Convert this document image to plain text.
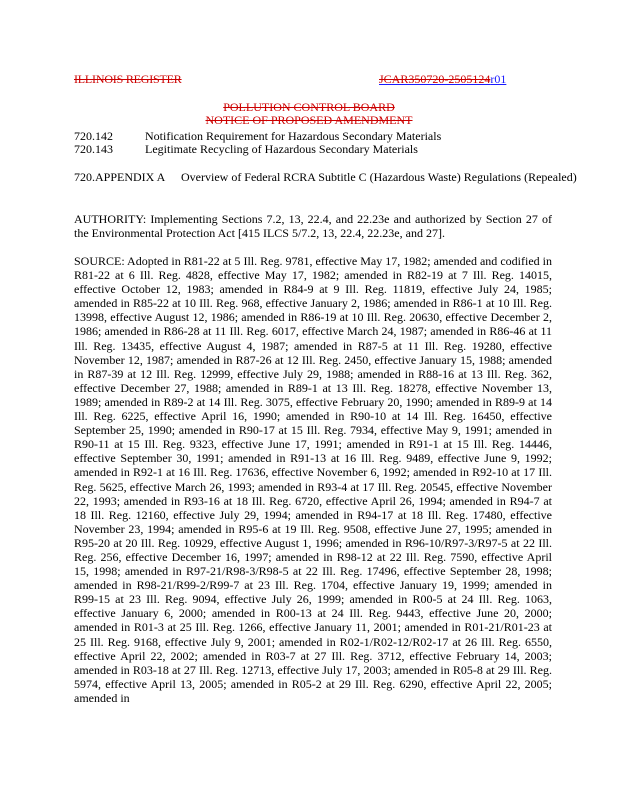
ILLINOIS REGISTER	JCAR350720-2505124r01
POLLUTION CONTROL BOARD
NOTICE OF PROPOSED AMENDMENT
720.142	Notification Requirement for Hazardous Secondary Materials
720.143	Legitimate Recycling of Hazardous Secondary Materials
720.APPENDIX A Overview of Federal RCRA Subtitle C (Hazardous Waste) Regulations (Repealed)
AUTHORITY: Implementing Sections 7.2, 13, 22.4, and 22.23e and authorized by Section 27 of the Environmental Protection Act [415 ILCS 5/7.2, 13, 22.4, 22.23e, and 27].
SOURCE: Adopted in R81-22 at 5 Ill. Reg. 9781, effective May 17, 1982; amended and codified in R81-22 at 6 Ill. Reg. 4828, effective May 17, 1982; amended in R82-19 at 7 Ill. Reg. 14015, effective October 12, 1983; amended in R84-9 at 9 Ill. Reg. 11819, effective July 24, 1985; amended in R85-22 at 10 Ill. Reg. 968, effective January 2, 1986; amended in R86-1 at 10 Ill. Reg. 13998, effective August 12, 1986; amended in R86-19 at 10 Ill. Reg. 20630, effective December 2, 1986; amended in R86-28 at 11 Ill. Reg. 6017, effective March 24, 1987; amended in R86-46 at 11 Ill. Reg. 13435, effective August 4, 1987; amended in R87-5 at 11 Ill. Reg. 19280, effective November 12, 1987; amended in R87-26 at 12 Ill. Reg. 2450, effective January 15, 1988; amended in R87-39 at 12 Ill. Reg. 12999, effective July 29, 1988; amended in R88-16 at 13 Ill. Reg. 362, effective December 27, 1988; amended in R89-1 at 13 Ill. Reg. 18278, effective November 13, 1989; amended in R89-2 at 14 Ill. Reg. 3075, effective February 20, 1990; amended in R89-9 at 14 Ill. Reg. 6225, effective April 16, 1990; amended in R90-10 at 14 Ill. Reg. 16450, effective September 25, 1990; amended in R90-17 at 15 Ill. Reg. 7934, effective May 9, 1991; amended in R90-11 at 15 Ill. Reg. 9323, effective June 17, 1991; amended in R91-1 at 15 Ill. Reg. 14446, effective September 30, 1991; amended in R91-13 at 16 Ill. Reg. 9489, effective June 9, 1992; amended in R92-1 at 16 Ill. Reg. 17636, effective November 6, 1992; amended in R92-10 at 17 Ill. Reg. 5625, effective March 26, 1993; amended in R93-4 at 17 Ill. Reg. 20545, effective November 22, 1993; amended in R93-16 at 18 Ill. Reg. 6720, effective April 26, 1994; amended in R94-7 at 18 Ill. Reg. 12160, effective July 29, 1994; amended in R94-17 at 18 Ill. Reg. 17480, effective November 23, 1994; amended in R95-6 at 19 Ill. Reg. 9508, effective June 27, 1995; amended in R95-20 at 20 Ill. Reg. 10929, effective August 1, 1996; amended in R96-10/R97-3/R97-5 at 22 Ill. Reg. 256, effective December 16, 1997; amended in R98-12 at 22 Ill. Reg. 7590, effective April 15, 1998; amended in R97-21/R98-3/R98-5 at 22 Ill. Reg. 17496, effective September 28, 1998; amended in R98-21/R99-2/R99-7 at 23 Ill. Reg. 1704, effective January 19, 1999; amended in R99-15 at 23 Ill. Reg. 9094, effective July 26, 1999; amended in R00-5 at 24 Ill. Reg. 1063, effective January 6, 2000; amended in R00-13 at 24 Ill. Reg. 9443, effective June 20, 2000; amended in R01-3 at 25 Ill. Reg. 1266, effective January 11, 2001; amended in R01-21/R01-23 at 25 Ill. Reg. 9168, effective July 9, 2001; amended in R02-1/R02-12/R02-17 at 26 Ill. Reg. 6550, effective April 22, 2002; amended in R03-7 at 27 Ill. Reg. 3712, effective February 14, 2003; amended in R03-18 at 27 Ill. Reg. 12713, effective July 17, 2003; amended in R05-8 at 29 Ill. Reg. 5974, effective April 13, 2005; amended in R05-2 at 29 Ill. Reg. 6290, effective April 22, 2005; amended in
